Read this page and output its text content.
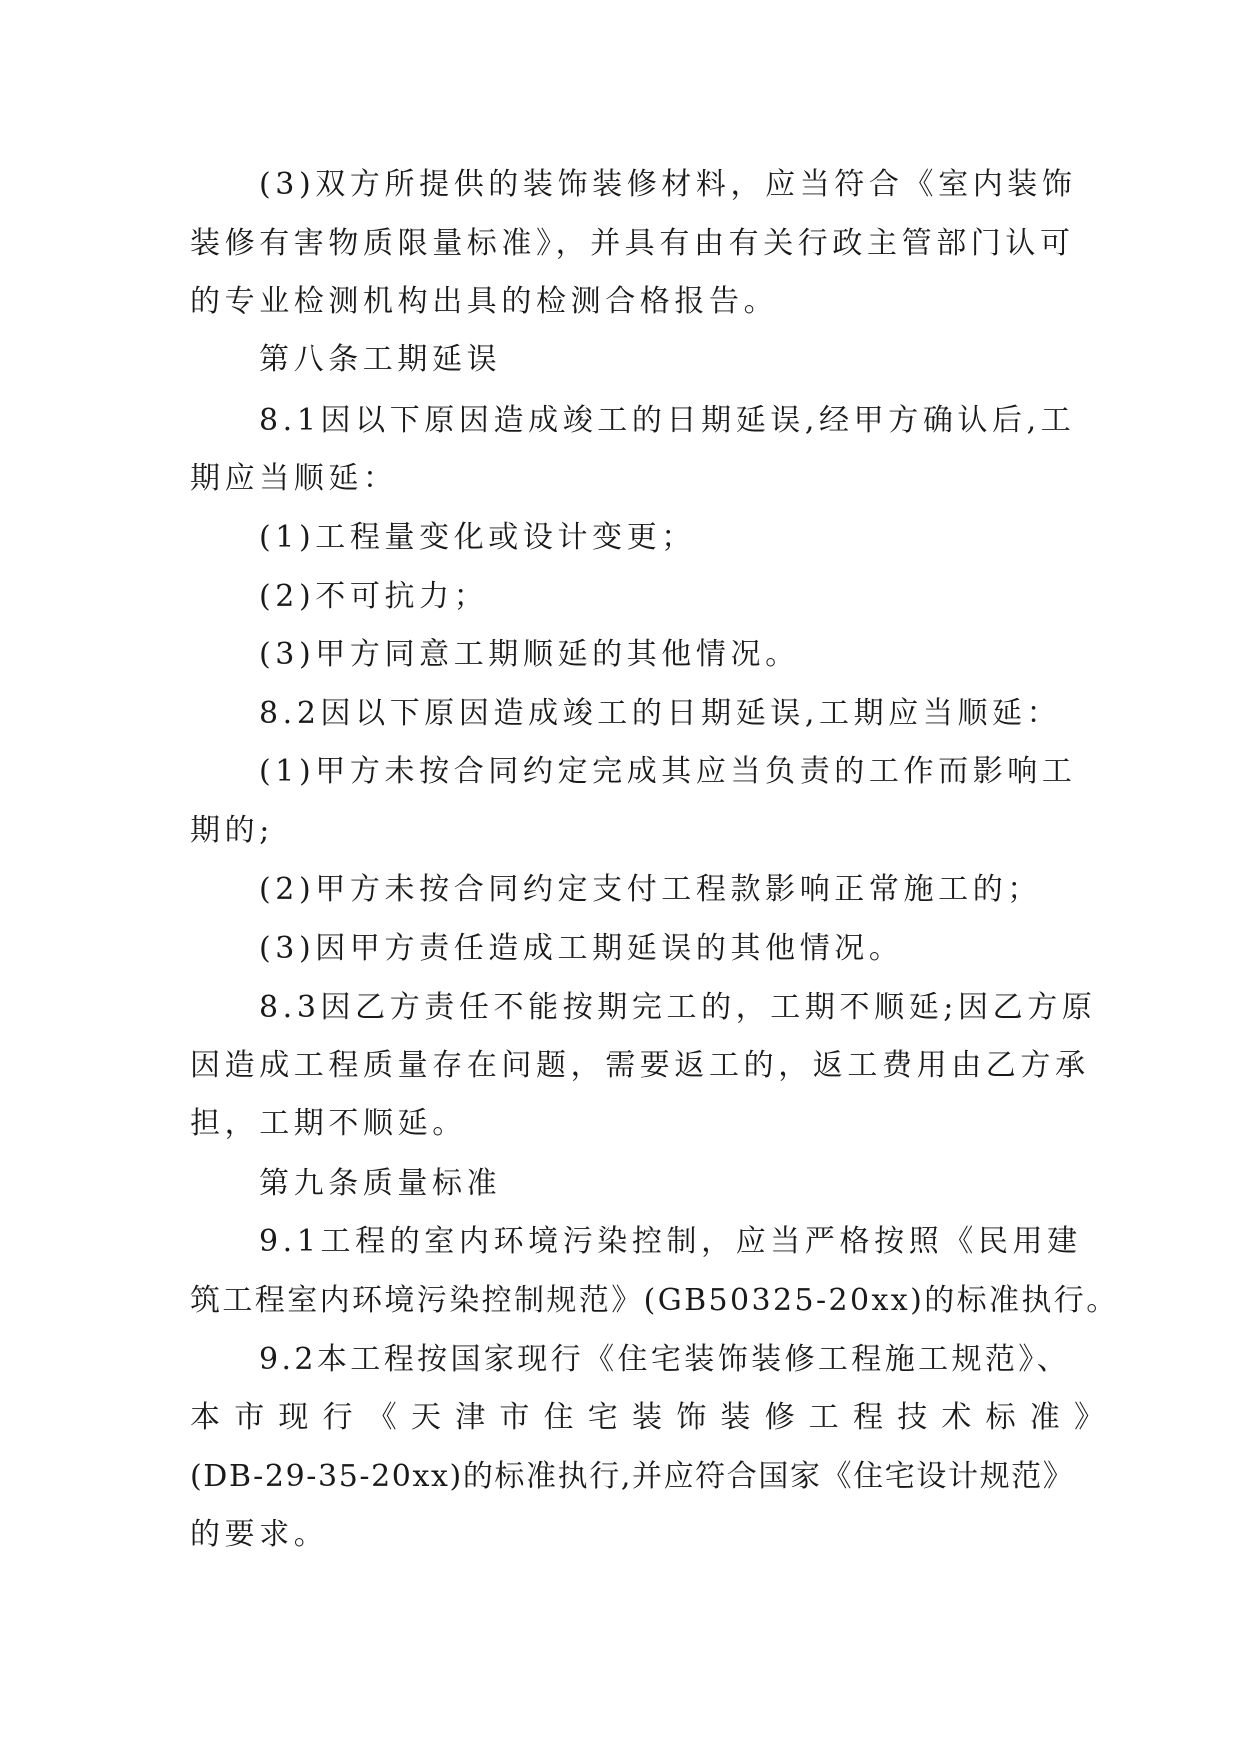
(3)双方所提供的装饰装修材料，应当符合《室内装饰
装修有害物质限量标准》，并具有由有关行政主管部门认可
的专业检测机构出具的检测合格报告。
第八条工期延误
8.1因以下原因造成竣工的日期延误,经甲方确认后,工
期应当顺延：
(1)工程量变化或设计变更；
(2)不可抗力；
(3)甲方同意工期顺延的其他情况。
8.2因以下原因造成竣工的日期延误,工期应当顺延：
(1)甲方未按合同约定完成其应当负责的工作而影响工
期的;
(2)甲方未按合同约定支付工程款影响正常施工的；
(3)因甲方责任造成工期延误的其他情况。
8.3因乙方责任不能按期完工的，工期不顺延;因乙方原
因造成工程质量存在问题，需要返工的，返工费用由乙方承
担，工期不顺延。
第九条质量标准
9.1工程的室内环境污染控制，应当严格按照《民用建
筑工程室内环境污染控制规范》(GB50325-20xx)的标准执行。
9.2本工程按国家现行《住宅装饰装修工程施工规范》、
本市现行《天津市住宅装饰装修工程技术标准》
(DB-29-35-20xx)的标准执行,并应符合国家《住宅设计规范》
的要求。
